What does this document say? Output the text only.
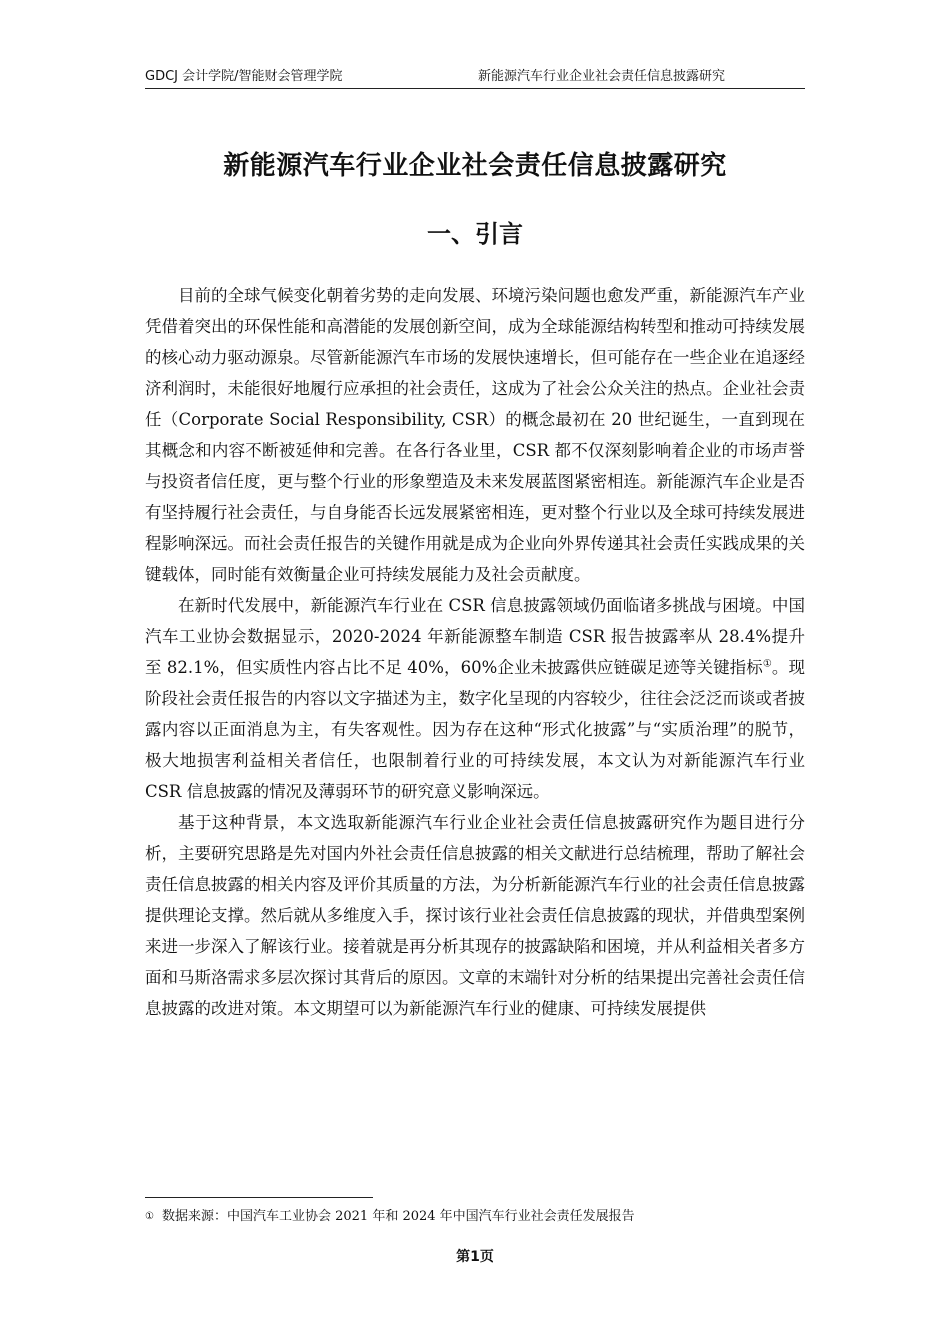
GDCJ 会计学院/智能财会管理学院	新能源汽车行业企业社会责任信息披露研究
新能源汽车行业企业社会责任信息披露研究
一、引言

目前的全球气候变化朝着劣势的走向发展、环境污染问题也愈发严重，新能源汽车产业凭借着突出的环保性能和高潜能的发展创新空间，成为全球能源结构转型和推动可持续发展的核心动力驱动源泉。尽管新能源汽车市场的发展快速增长，但可能存在一些企业在追逐经济利润时，未能很好地履行应承担的社会责任，这成为了社会公众关注的热点。企业社会责任（Corporate Social Responsibility, CSR）的概念最初在 20 世纪诞生，一直到现在其概念和内容不断被延伸和完善。在各行各业里，CSR 都不仅深刻影响着企业的市场声誉与投资者信任度，更与整个行业的形象塑造及未来发展蓝图紧密相连。新能源汽车企业是否有坚持履行社会责任，与自身能否长远发展紧密相连，更对整个行业以及全球可持续发展进程影响深远。而社会责任报告的关键作用就是成为企业向外界传递其社会责任实践成果的关键载体，同时能有效衡量企业可持续发展能力及社会贡献度。

在新时代发展中，新能源汽车行业在 CSR 信息披露领域仍面临诸多挑战与困境。中国汽车工业协会数据显示，2020-2024 年新能源整车制造 CSR 报告披露率从 28.4%提升至 82.1%，但实质性内容占比不足 40%，60%企业未披露供应链碳足迹等关键指标①。现阶段社会责任报告的内容以文字描述为主，数字化呈现的内容较少，往往会泛泛而谈或者披露内容以正面消息为主，有失客观性。因为存在这种“形式化披露”与“实质治理”的脱节，极大地损害利益相关者信任，也限制着行业的可持续发展，本文认为对新能源汽车行业 CSR 信息披露的情况及薄弱环节的研究意义影响深远。

基于这种背景，本文选取新能源汽车行业企业社会责任信息披露研究作为题目进行分析，主要研究思路是先对国内外社会责任信息披露的相关文献进行总结梳理，帮助了解社会责任信息披露的相关内容及评价其质量的方法，为分析新能源汽车行业的社会责任信息披露提供理论支撑。然后就从多维度入手，探讨该行业社会责任信息披露的现状，并借典型案例来进一步深入了解该行业。接着就是再分析其现存的披露缺陷和困境，并从利益相关者多方面和马斯洛需求多层次探讨其背后的原因。文章的末端针对分析的结果提出完善社会责任信息披露的改进对策。本文期望可以为新能源汽车行业的健康、可持续发展提供

① 数据来源：中国汽车工业协会 2021 年和 2024 年中国汽车行业社会责任发展报告
第1页
